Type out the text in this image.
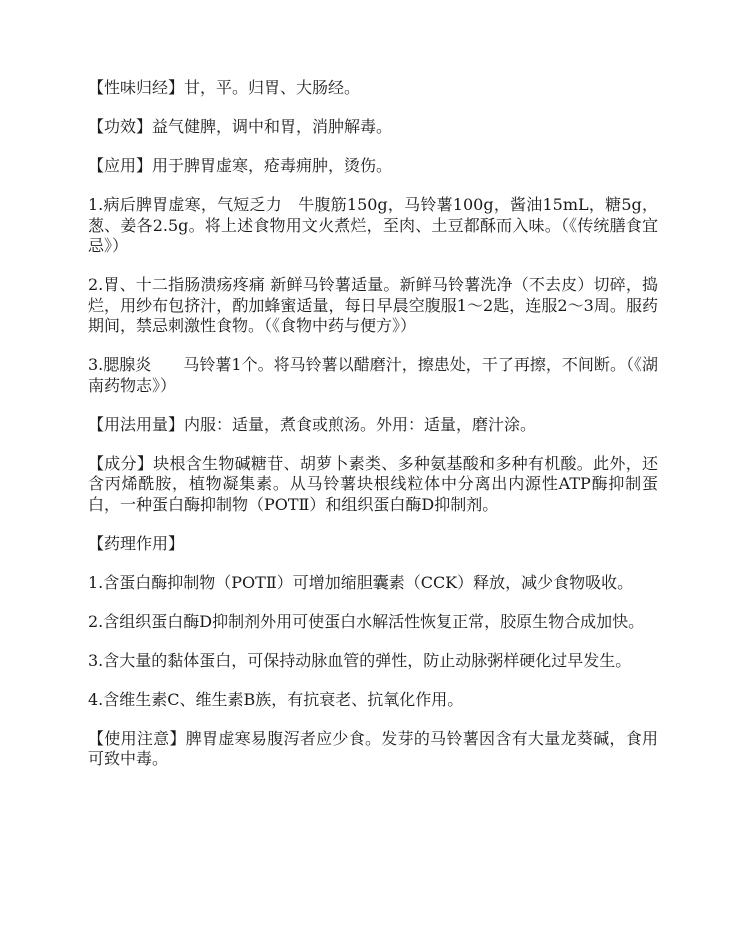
【性味归经】甘，平。归胃、大肠经。

【功效】益气健脾，调中和胃，消肿解毒。

【应用】用于脾胃虚寒，疮毒痈肿，烫伤。

1.病后脾胃虚寒，气短乏力　牛腹筋150g，马铃薯100g，酱油15mL，糖5g，葱、姜各2.5g。将上述食物用文火煮烂，至肉、土豆都酥而入味。（《传统膳食宜忌》）

2.胃、十二指肠溃疡疼痛 新鲜马铃薯适量。新鲜马铃薯洗净（不去皮）切碎，捣烂，用纱布包挤汁，酌加蜂蜜适量，每日早晨空腹服1～2匙，连服2～3周。服药期间，禁忌刺激性食物。（《食物中药与便方》）

3.腮腺炎　　马铃薯1个。将马铃薯以醋磨汁，擦患处，干了再擦，不间断。（《湖南药物志》）

【用法用量】内服：适量，煮食或煎汤。外用：适量，磨汁涂。

【成分】块根含生物碱糖苷、胡萝卜素类、多种氨基酸和多种有机酸。此外，还含丙烯酰胺，植物凝集素。从马铃薯块根线粒体中分离出内源性ATP酶抑制蛋白，一种蛋白酶抑制物（POTⅡ）和组织蛋白酶D抑制剂。

【药理作用】

1.含蛋白酶抑制物（POTⅡ）可增加缩胆囊素（CCK）释放，减少食物吸收。

2.含组织蛋白酶D抑制剂外用可使蛋白水解活性恢复正常，胶原生物合成加快。

3.含大量的黏体蛋白，可保持动脉血管的弹性，防止动脉粥样硬化过早发生。

4.含维生素C、维生素B族，有抗衰老、抗氧化作用。

【使用注意】脾胃虚寒易腹泻者应少食。发芽的马铃薯因含有大量龙葵碱，食用可致中毒。
